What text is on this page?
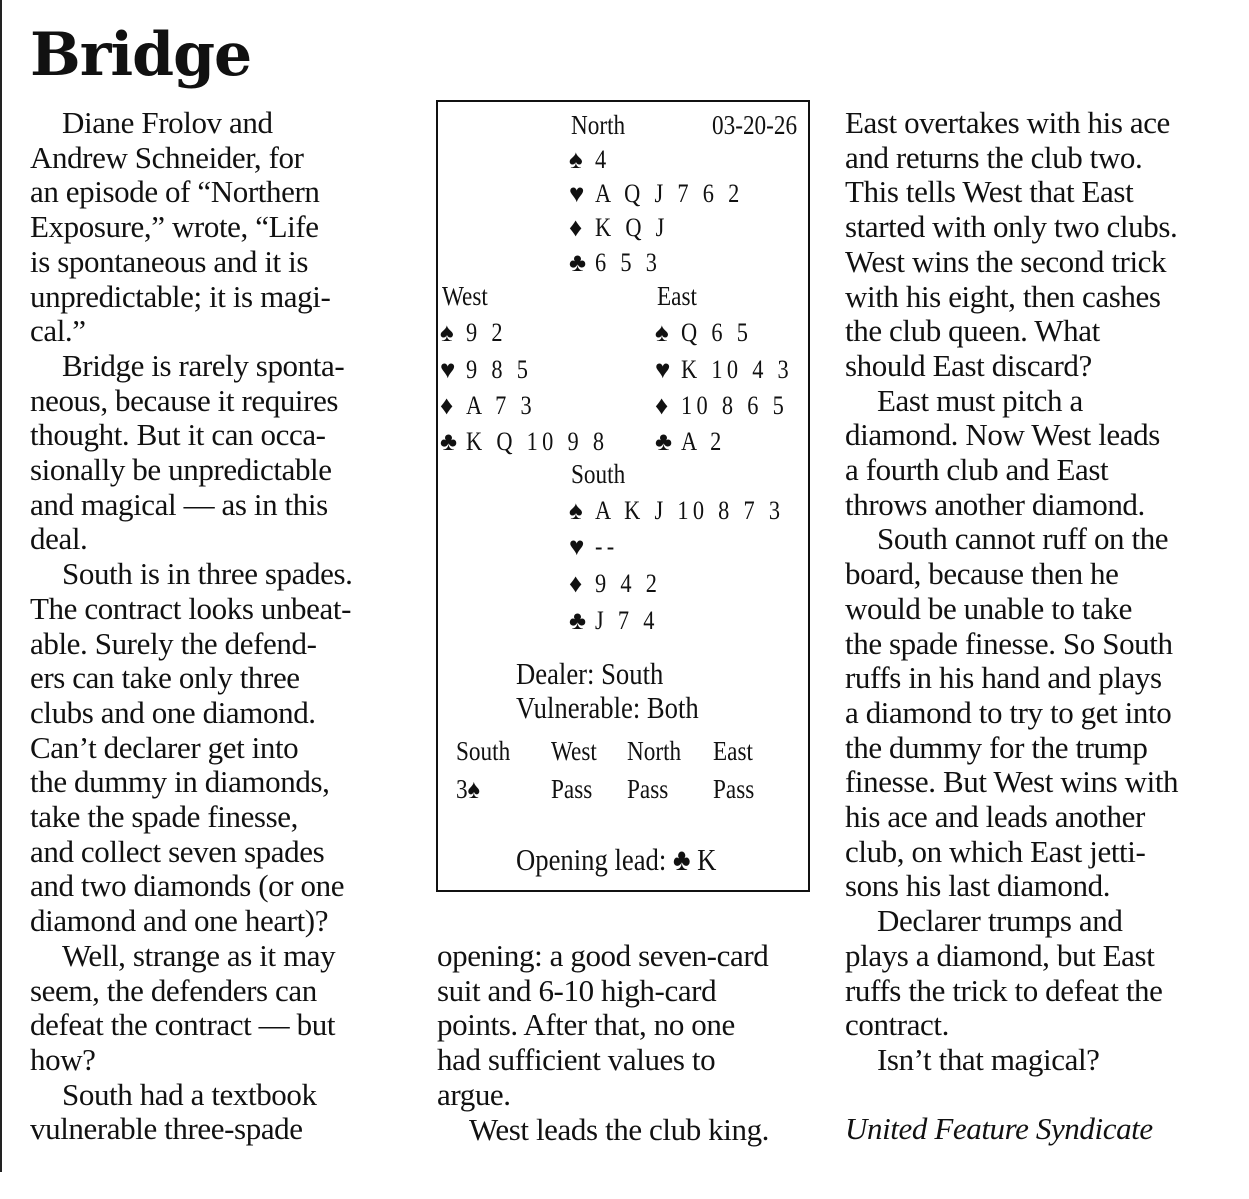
Bridge
Diane Frolov and
Andrew Schneider, for
an episode of “Northern
Exposure,” wrote, “Life
is spontaneous and it is
unpredictable; it is magi-
cal.”
Bridge is rarely sponta-
neous, because it requires
thought. But it can occa-
sionally be unpredictable
and magical — as in this
deal.
South is in three spades.
The contract looks unbeat-
able. Surely the defend-
ers can take only three
clubs and one diamond.
Can’t declarer get into
the dummy in diamonds,
take the spade finesse,
and collect seven spades
and two diamonds (or one
diamond and one heart)?
Well, strange as it may
seem, the defenders can
defeat the contract — but
how?
South had a textbook
vulnerable three-spade
North	03-20-26
♠ 4
♥ A Q J 7 6 2
♦ K Q J
♣ 6 5 3
West
♠ 9 2
♥ 9 8 5
♦ A 7 3
♣ K Q 10 9 8
East
♠ Q 6 5
♥ K 10 4 3
♦ 10 8 6 5
♣ A 2
South
♠ A K J 10 8 7 3
♥ --
♦ 9 4 2
♣ J 7 4
Dealer: South
Vulnerable: Both
South West North East
3♠	Pass Pass Pass
Opening lead: ♣ K
opening: a good seven-card
suit and 6-10 high-card
points. After that, no one
had sufficient values to
argue.
West leads the club king.
East overtakes with his ace
and returns the club two.
This tells West that East
started with only two clubs.
West wins the second trick
with his eight, then cashes
the club queen. What
should East discard?
East must pitch a
diamond. Now West leads
a fourth club and East
throws another diamond.
South cannot ruff on the
board, because then he
would be unable to take
the spade finesse. So South
ruffs in his hand and plays
a diamond to try to get into
the dummy for the trump
finesse. But West wins with
his ace and leads another
club, on which East jetti-
sons his last diamond.
Declarer trumps and
plays a diamond, but East
ruffs the trick to defeat the
contract.
Isn’t that magical?
United Feature Syndicate
